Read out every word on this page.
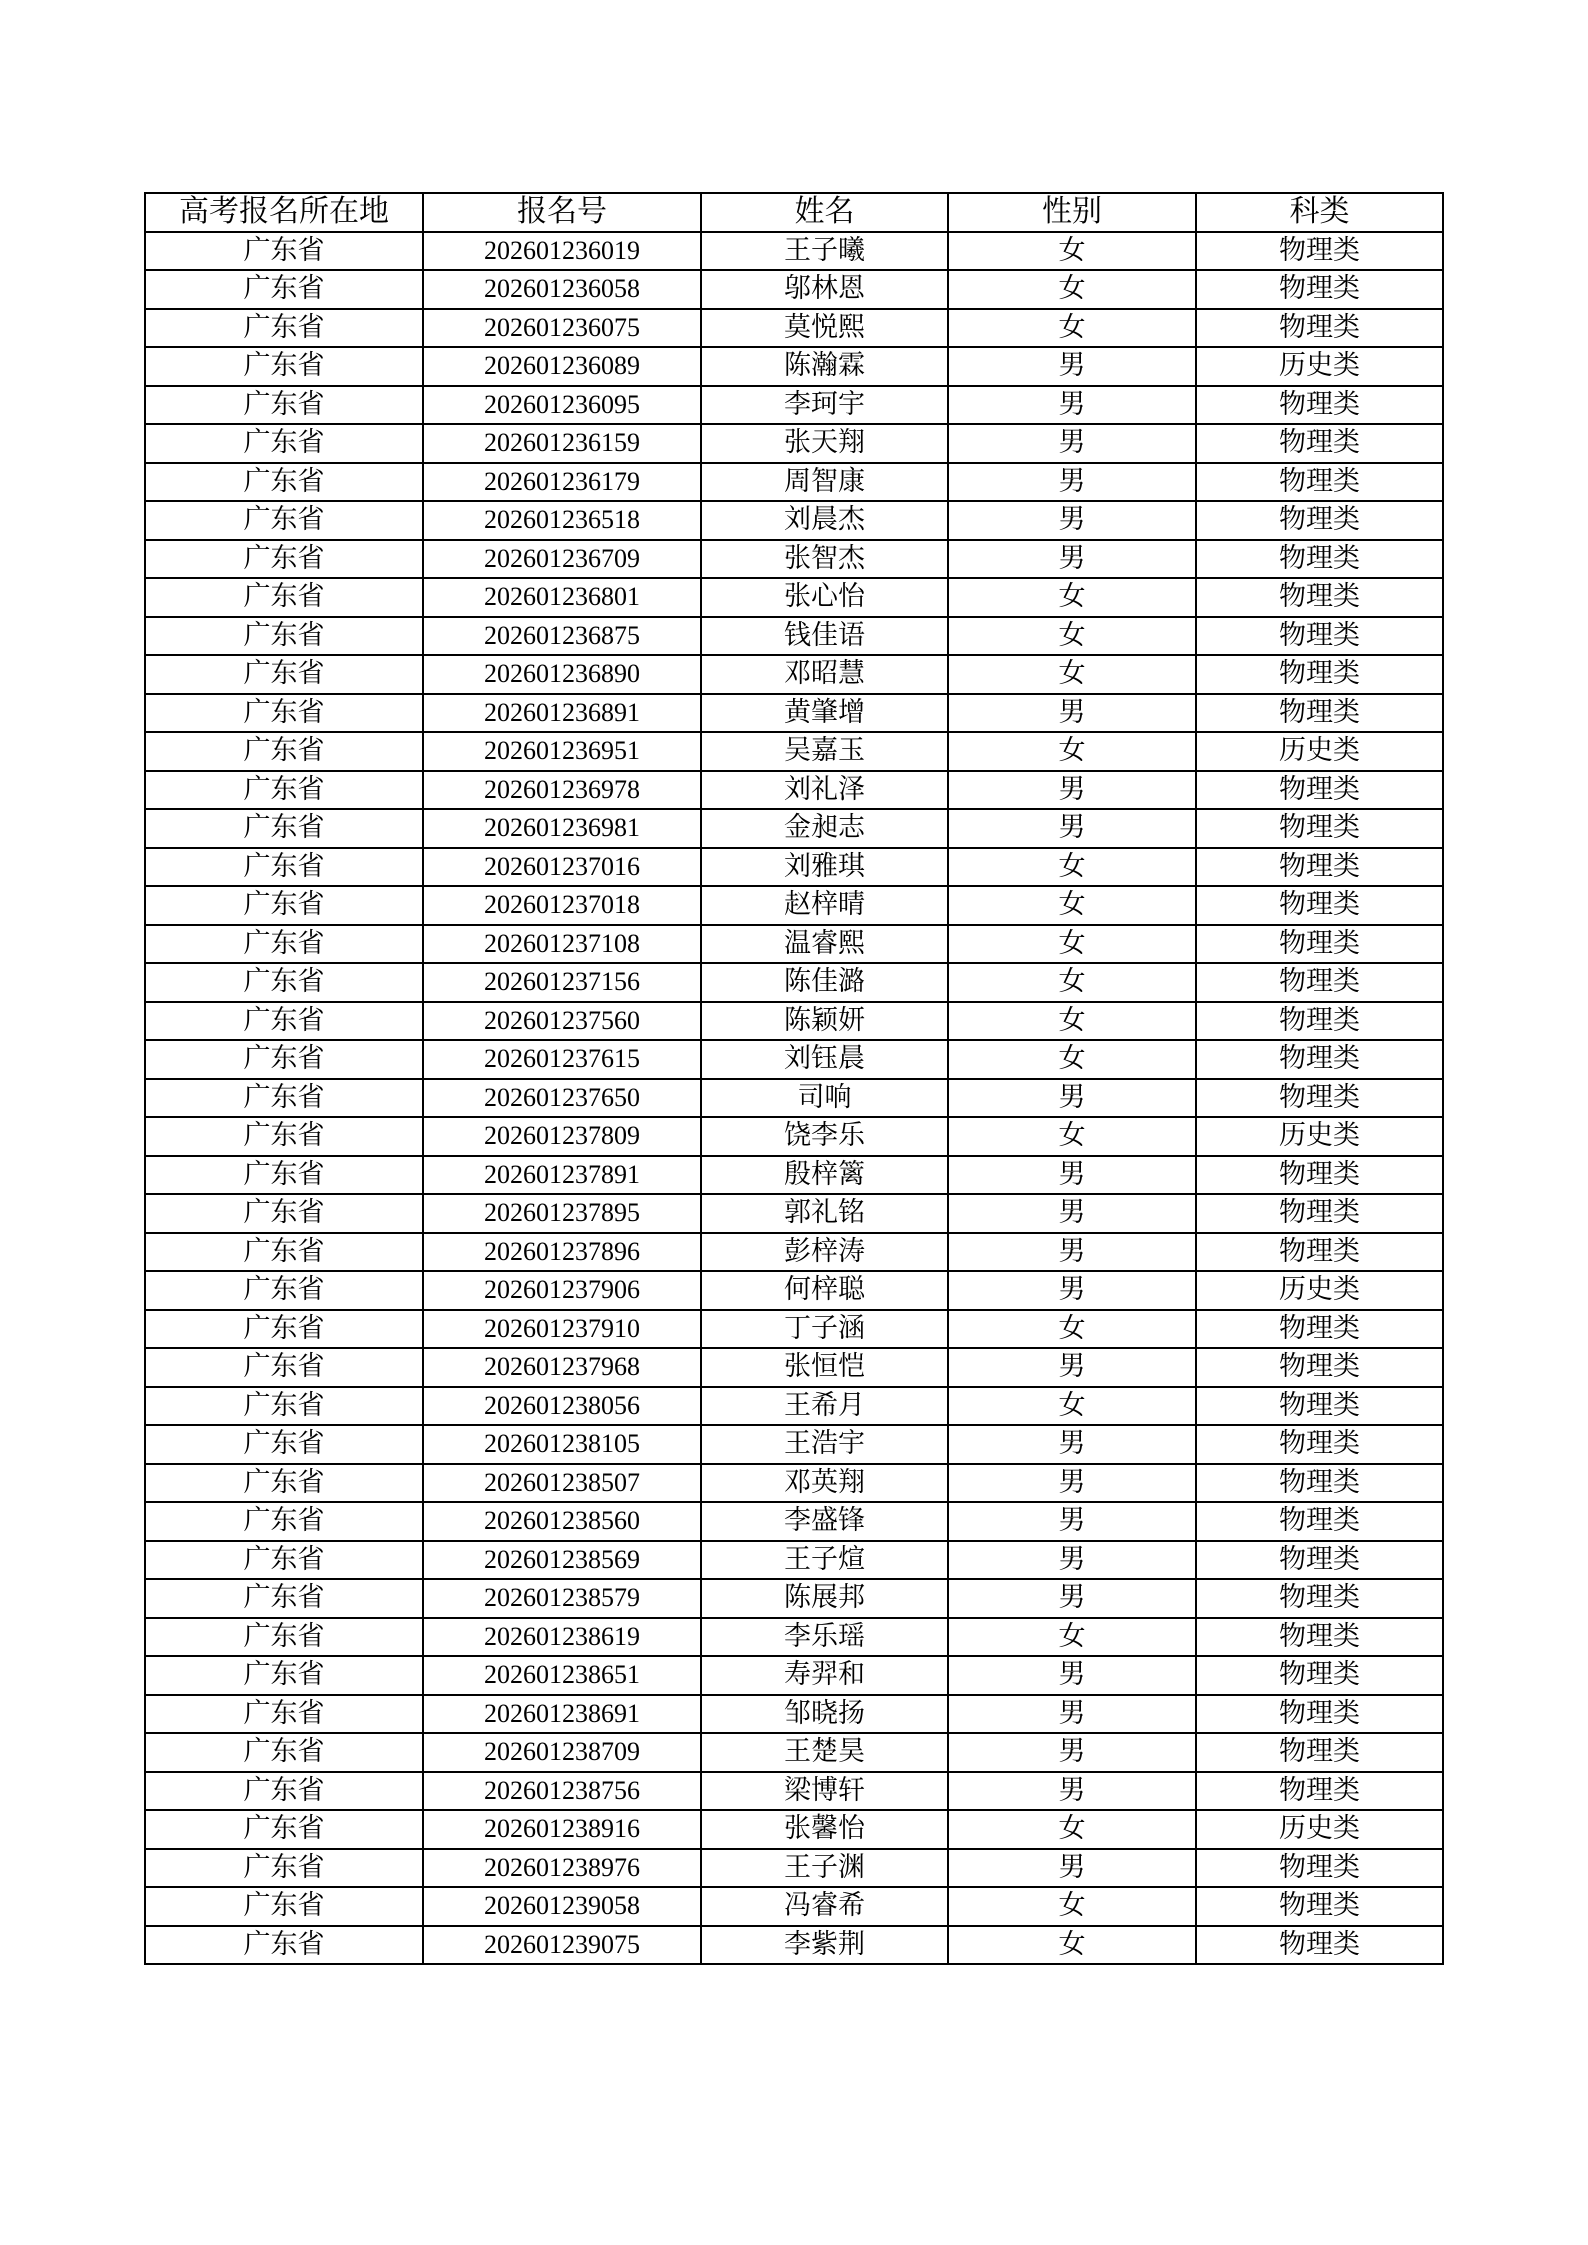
高考报名所在地	报名号	姓名	性别	科类
广东省	202601236019	王子曦	女	物理类
广东省	202601236058	邬林恩	女	物理类
广东省	202601236075	莫悦熙	女	物理类
广东省	202601236089	陈瀚霖	男	历史类
广东省	202601236095	李珂宇	男	物理类
广东省	202601236159	张天翔	男	物理类
广东省	202601236179	周智康	男	物理类
广东省	202601236518	刘晨杰	男	物理类
广东省	202601236709	张智杰	男	物理类
广东省	202601236801	张心怡	女	物理类
广东省	202601236875	钱佳语	女	物理类
广东省	202601236890	邓昭慧	女	物理类
广东省	202601236891	黄肇增	男	物理类
广东省	202601236951	吴嘉玉	女	历史类
广东省	202601236978	刘礼泽	男	物理类
广东省	202601236981	金昶志	男	物理类
广东省	202601237016	刘雅琪	女	物理类
广东省	202601237018	赵梓晴	女	物理类
广东省	202601237108	温睿熙	女	物理类
广东省	202601237156	陈佳潞	女	物理类
广东省	202601237560	陈颖妍	女	物理类
广东省	202601237615	刘钰晨	女	物理类
广东省	202601237650	司响	男	物理类
广东省	202601237809	饶李乐	女	历史类
广东省	202601237891	殷梓篱	男	物理类
广东省	202601237895	郭礼铭	男	物理类
广东省	202601237896	彭梓涛	男	物理类
广东省	202601237906	何梓聪	男	历史类
广东省	202601237910	丁子涵	女	物理类
广东省	202601237968	张恒恺	男	物理类
广东省	202601238056	王希月	女	物理类
广东省	202601238105	王浩宇	男	物理类
广东省	202601238507	邓英翔	男	物理类
广东省	202601238560	李盛锋	男	物理类
广东省	202601238569	王子煊	男	物理类
广东省	202601238579	陈展邦	男	物理类
广东省	202601238619	李乐瑶	女	物理类
广东省	202601238651	寿羿和	男	物理类
广东省	202601238691	邹晓扬	男	物理类
广东省	202601238709	王楚昊	男	物理类
广东省	202601238756	梁博轩	男	物理类
广东省	202601238916	张馨怡	女	历史类
广东省	202601238976	王子渊	男	物理类
广东省	202601239058	冯睿希	女	物理类
广东省	202601239075	李紫荆	女	物理类
